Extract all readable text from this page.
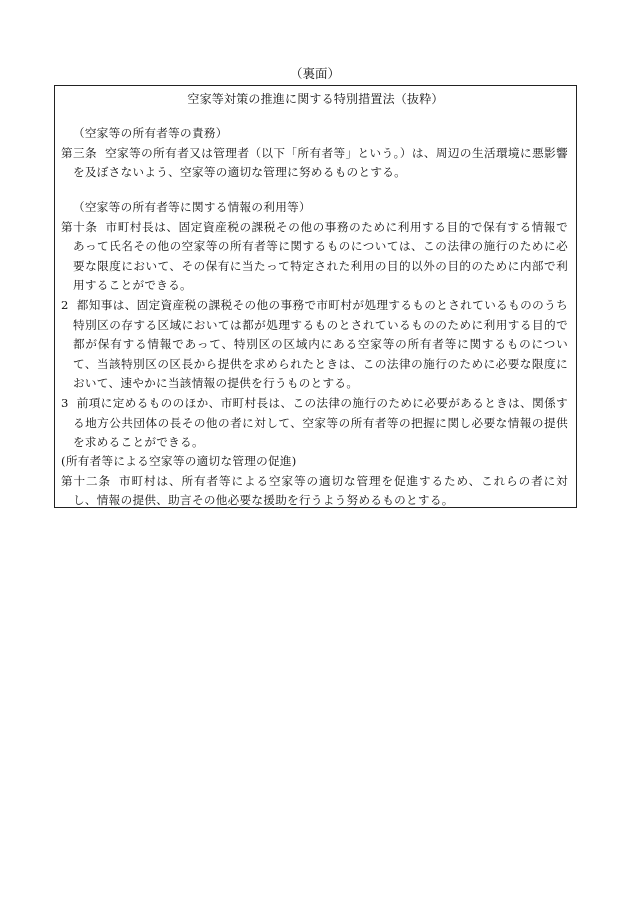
（裏面）
空家等対策の推進に関する特別措置法（抜粋）

（空家等の所有者等の責務）

第三条 空家等の所有者又は管理者（以下「所有者等」という。）は、周辺の生活環境に悪影響を及ぼさないよう、空家等の適切な管理に努めるものとする。

（空家等の所有者等に関する情報の利用等）

第十条 市町村長は、固定資産税の課税その他の事務のために利用する目的で保有する情報であって氏名その他の空家等の所有者等に関するものについては、この法律の施行のために必要な限度において、その保有に当たって特定された利用の目的以外の目的のために内部で利用することができる。

2 都知事は、固定資産税の課税その他の事務で市町村が処理するものとされているもののうち特別区の存する区域においては都が処理するものとされているもののために利用する目的で都が保有する情報であって、特別区の区域内にある空家等の所有者等に関するものについて、当該特別区の区長から提供を求められたときは、この法律の施行のために必要な限度において、速やかに当該情報の提供を行うものとする。

3 前項に定めるもののほか、市町村長は、この法律の施行のために必要があるときは、関係する地方公共団体の長その他の者に対して、空家等の所有者等の把握に関し必要な情報の提供を求めることができる。

(所有者等による空家等の適切な管理の促進)

第十二条 市町村は、所有者等による空家等の適切な管理を促進するため、これらの者に対し、情報の提供、助言その他必要な援助を行うよう努めるものとする。
